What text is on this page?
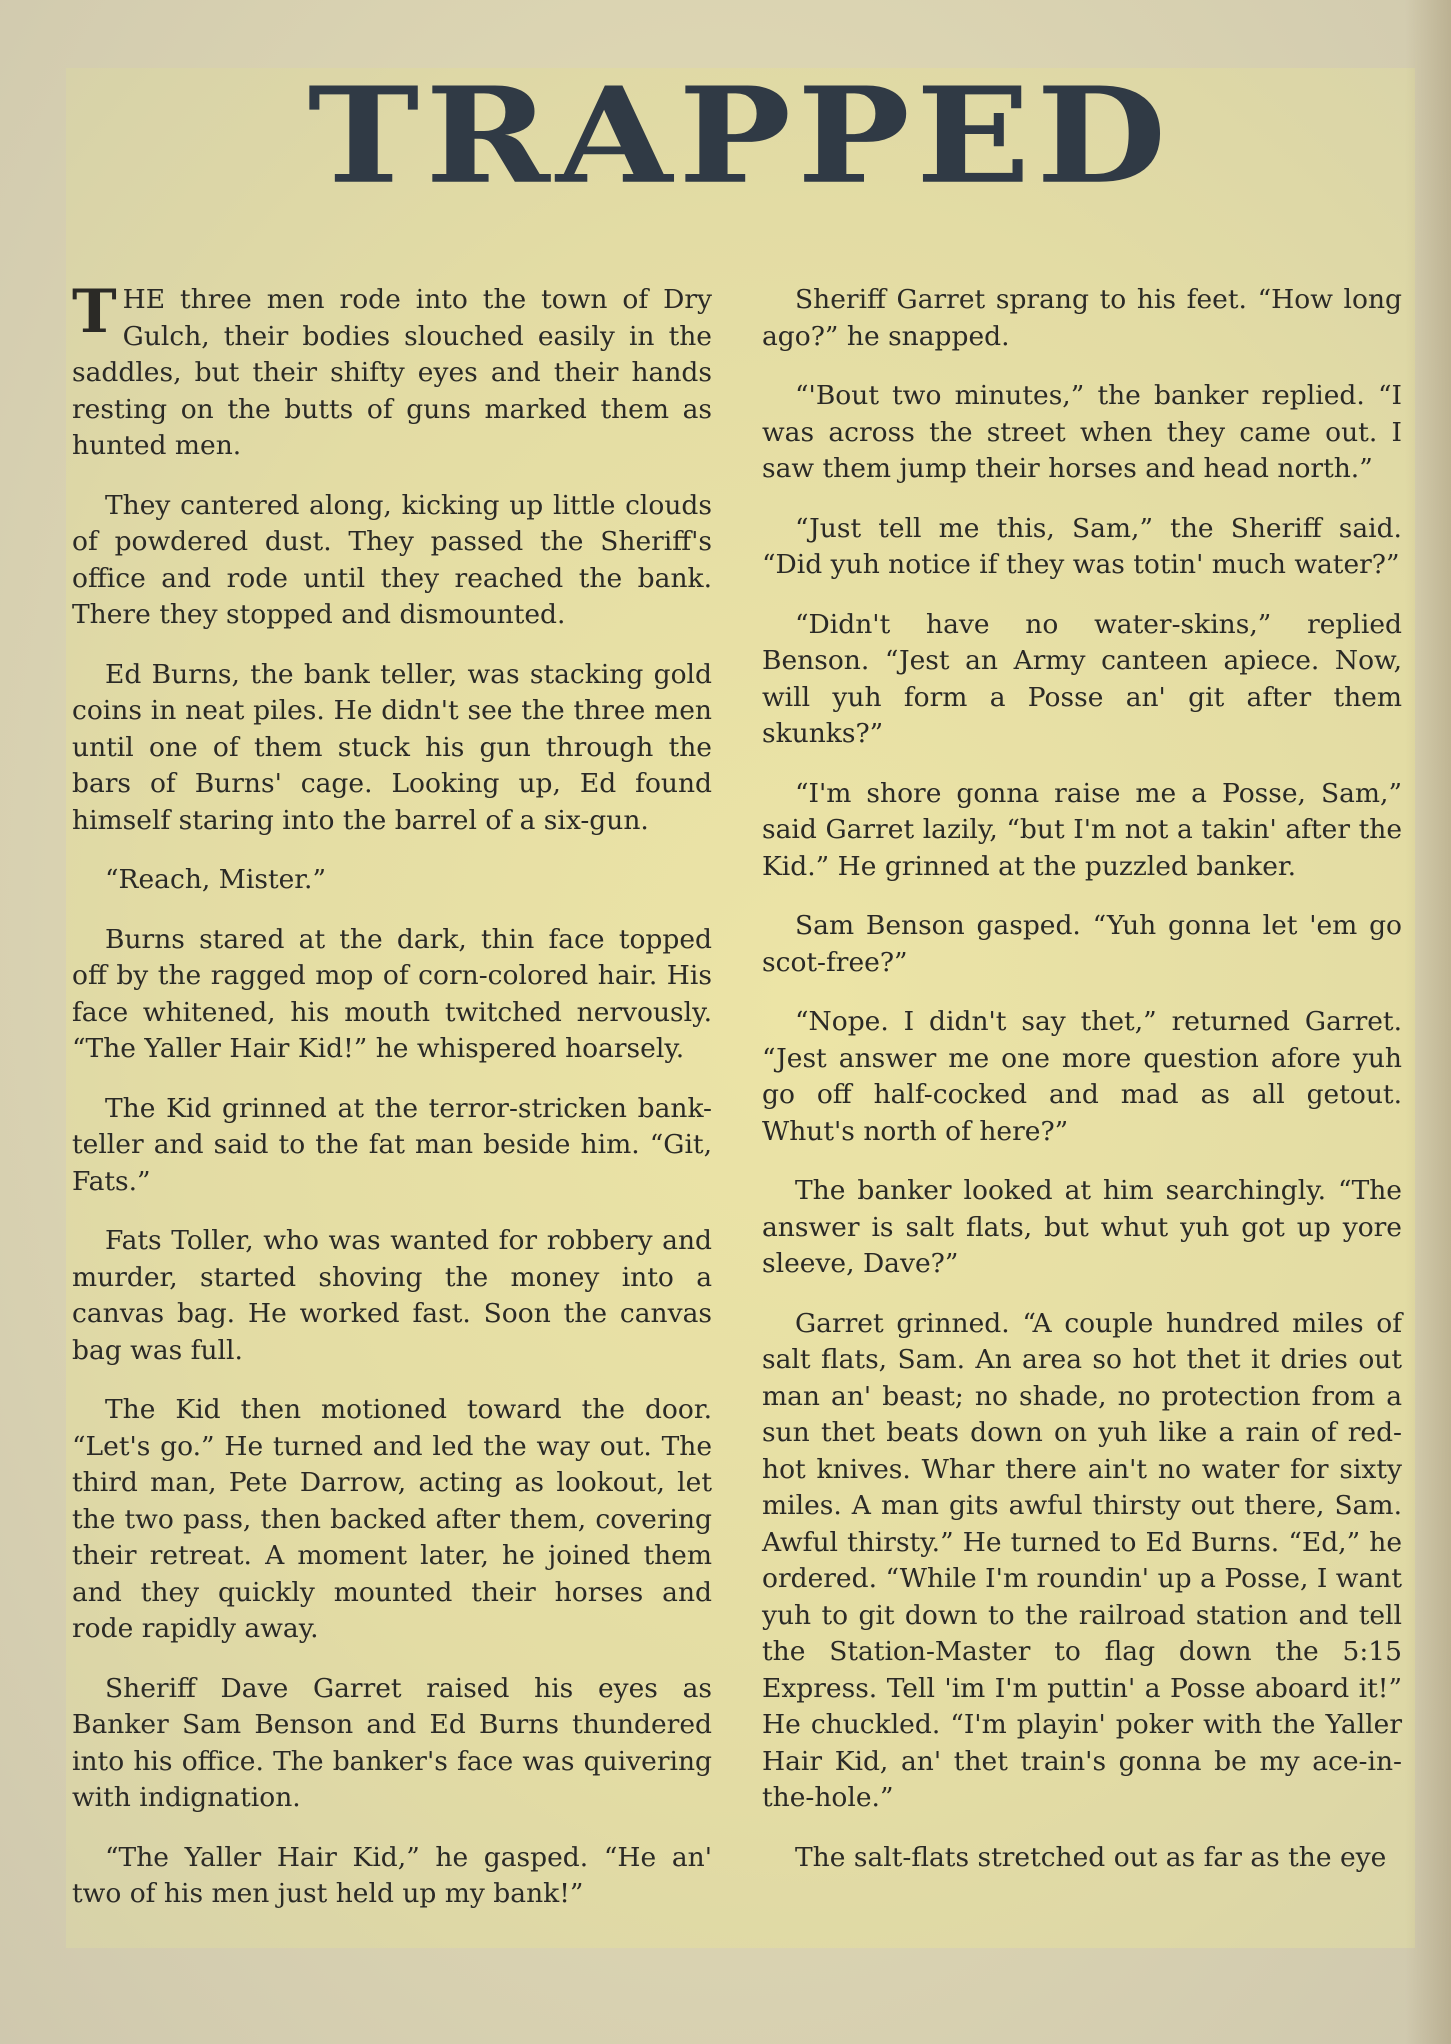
TRAPPED

THE three men rode into the town of Dry Gulch, their bodies slouched easily in the saddles, but their shifty eyes and their hands resting on the butts of guns marked them as hunted men.

They cantered along, kicking up little clouds of powdered dust. They passed the Sheriff's office and rode until they reached the bank. There they stopped and dismounted.

Ed Burns, the bank teller, was stacking gold coins in neat piles. He didn't see the three men until one of them stuck his gun through the bars of Burns' cage. Looking up, Ed found himself staring into the barrel of a six-gun.

“Reach, Mister.”

Burns stared at the dark, thin face topped off by the ragged mop of corn-colored hair. His face whitened, his mouth twitched nervously. “The Yaller Hair Kid!” he whispered hoarsely.

The Kid grinned at the terror-stricken bank-teller and said to the fat man beside him. “Git, Fats.”

Fats Toller, who was wanted for robbery and murder, started shoving the money into a canvas bag. He worked fast. Soon the canvas bag was full.

The Kid then motioned toward the door. “Let's go.” He turned and led the way out. The third man, Pete Darrow, acting as lookout, let the two pass, then backed after them, covering their retreat. A moment later, he joined them and they quickly mounted their horses and rode rapidly away.

Sheriff Dave Garret raised his eyes as Banker Sam Benson and Ed Burns thundered into his office. The banker's face was quivering with indignation.

“The Yaller Hair Kid,” he gasped. “He an' two of his men just held up my bank!”

Sheriff Garret sprang to his feet. “How long ago?” he snapped.

“'Bout two minutes,” the banker replied. “I was across the street when they came out. I saw them jump their horses and head north.”

“Just tell me this, Sam,” the Sheriff said. “Did yuh notice if they was totin' much water?”

“Didn't have no water-skins,” replied Benson. “Jest an Army canteen apiece. Now, will yuh form a Posse an' git after them skunks?”

“I'm shore gonna raise me a Posse, Sam,” said Garret lazily, “but I'm not a takin' after the Kid.” He grinned at the puzzled banker.

Sam Benson gasped. “Yuh gonna let 'em go scot-free?”

“Nope. I didn't say thet,” returned Garret. “Jest answer me one more question afore yuh go off half-cocked and mad as all getout. Whut's north of here?”

The banker looked at him searchingly. “The answer is salt flats, but whut yuh got up yore sleeve, Dave?”

Garret grinned. “A couple hundred miles of salt flats, Sam. An area so hot thet it dries out man an' beast; no shade, no protection from a sun thet beats down on yuh like a rain of red-hot knives. Whar there ain't no water for sixty miles. A man gits awful thirsty out there, Sam. Awful thirsty.” He turned to Ed Burns. “Ed,” he ordered. “While I'm roundin' up a Posse, I want yuh to git down to the railroad station and tell the Station-Master to flag down the 5:15 Express. Tell 'im I'm puttin' a Posse aboard it!” He chuckled. “I'm playin' poker with the Yaller Hair Kid, an' thet train's gonna be my ace-in-the-hole.”

The salt-flats stretched out as far as the eye
